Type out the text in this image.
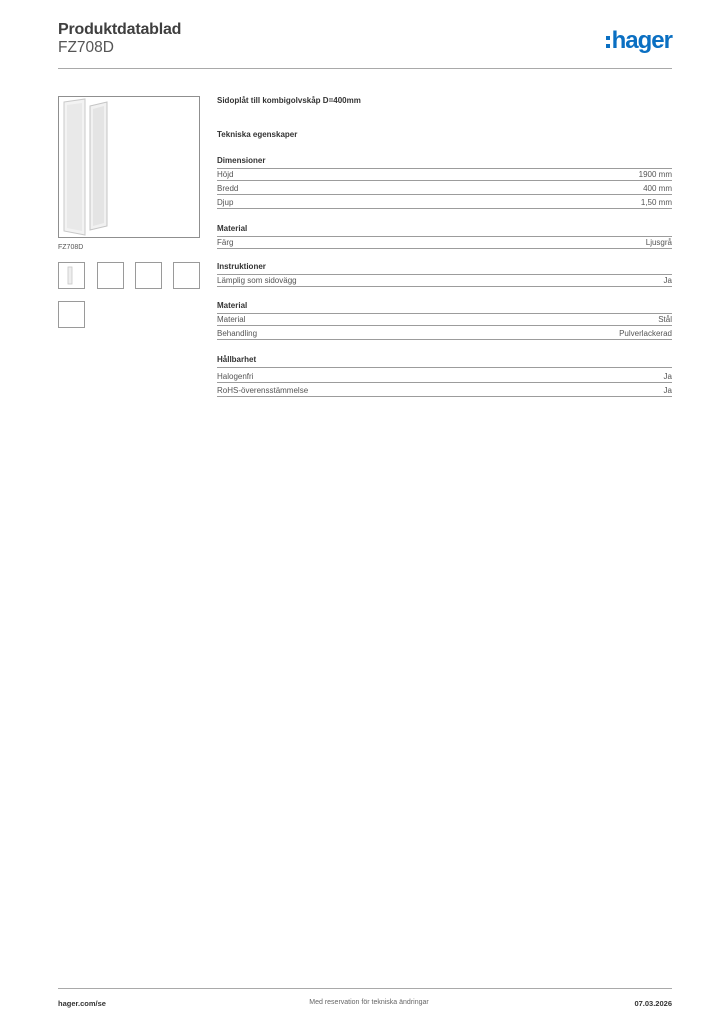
Produktdatablad
FZ708D	hager
FZ708D
Sidoplåt till kombigolvskåp D=400mm
Tekniska egenskaper
Dimensioner
Höjd	1900 mm
Bredd	400 mm
Djup	1,50 mm
Material
Färg	Ljusgrå
Instruktioner
Lämplig som sidovägg	Ja
Material
Material	Stål
Behandling	Pulverlackerad
Hållbarhet
Halogenfri	Ja
RoHS-överensstämmelse	Ja
hager.com/se	Med reservation för tekniska ändringar	07.03.2026
